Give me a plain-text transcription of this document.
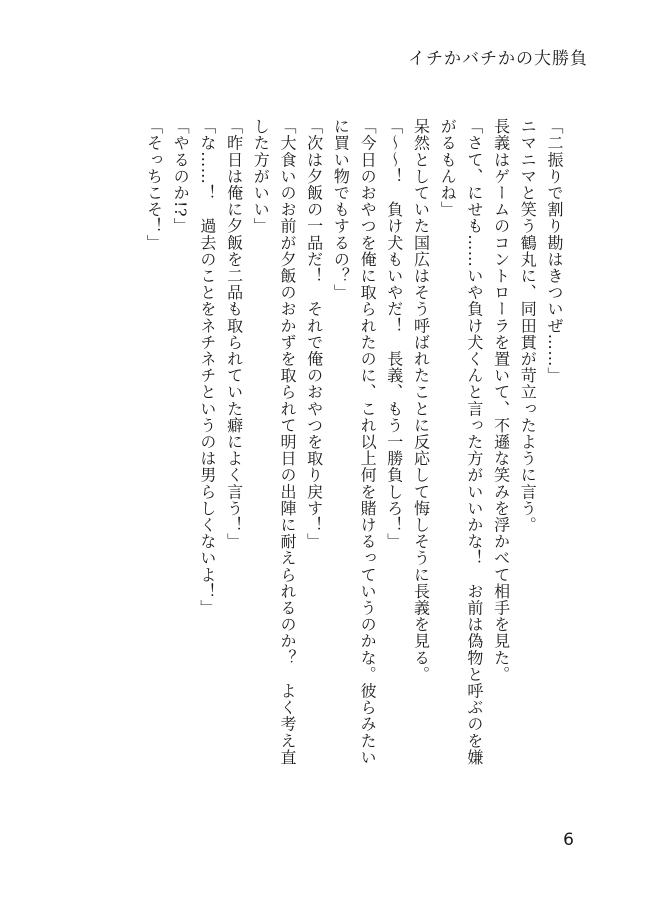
イチかバチかの大勝負

「二振りで割り勘はきついぜ……」

ニマニマと笑う鶴丸に、同田貫が苛立ったように言う。

長義はゲームのコントローラを置いて、不遜な笑みを浮かべて相手を見た。

「さて、にせも……いや負け犬くんと言った方がいいかな！　お前は偽物と呼ぶのを嫌

がるもんね」

呆然としていた国広はそう呼ばれたことに反応して悔しそうに長義を見る。

「～～！　負け犬もいやだ！　長義、もう一勝負しろ！」

「今日のおやつを俺に取られたのに、これ以上何を賭けるっていうのかな。彼らみたい

に買い物でもするの？」

「次は夕飯の一品だ！　それで俺のおやつを取り戻す！」

「大食いのお前が夕飯のおかずを取られて明日の出陣に耐えられるのか？　よく考え直

した方がいい」

「昨日は俺に夕飯を二品も取られていた癖によく言う！」

「な……！　過去のことをネチネチというのは男らしくないよ！」

「やるのか!?」

「そっちこそ！」

6
